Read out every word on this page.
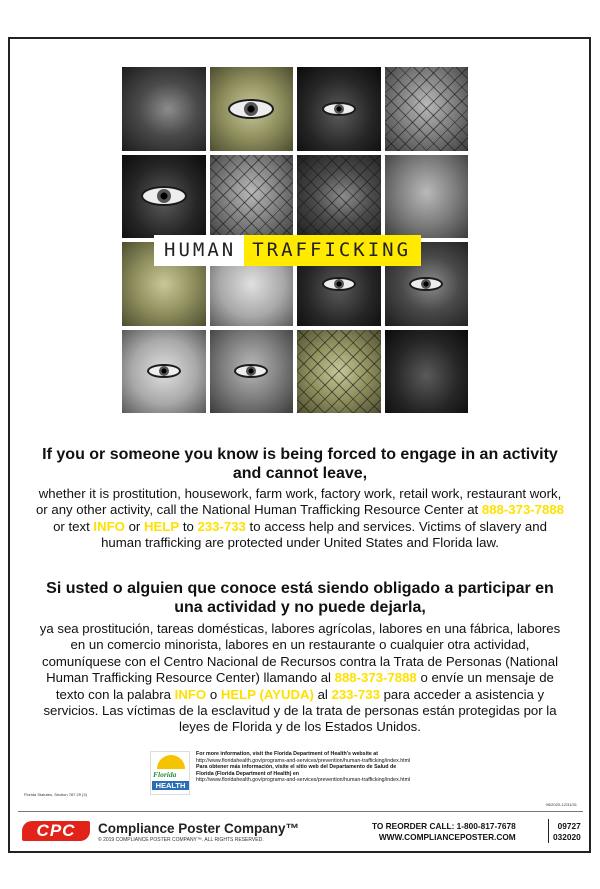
HUMAN TRAFFICKING
If you or someone you know is being forced to engage in an activity and cannot leave,
whether it is prostitution, housework, farm work, factory work, retail work, restaurant work, or any other activity, call the National Human Trafficking Resource Center at 888-373-7888 or text INFO or HELP to 233-733 to access help and services. Victims of slavery and human trafficking are protected under United States and Florida law.
Si usted o alguien que conoce está siendo obligado a participar en una actividad y no puede dejarla,
ya sea prostitución, tareas domésticas, labores agrícolas, labores en una fábrica, labores en un comercio minorista, labores en un restaurante o cualquier otra actividad, comuníquese con el Centro Nacional de Recursos contra la Trata de Personas (National Human Trafficking Resource Center) llamando al 888-373-7888 o envíe un mensaje de texto con la palabra INFO o HELP (AYUDA) al 233-733 para acceder a asistencia y servicios. Las víctimas de la esclavitud y de la trata de personas están protegidas por la leyes de Florida y de los Estados Unidos.
Florida
HEALTH
For more information, visit the Florida Department of Health's website at
http://www.floridahealth.gov/programs-and-services/prevention/human-trafficking/index.html
Para obtener más información, visite el sitio web del Departamento de Salud de
Florida (Florida Department of Health) en
http://www.floridahealth.gov/programs-and-services/prevention/human-trafficking/index.html
Florida Statutes, Section 787.29 (3)
05/2020-12/31/31
CPC	Compliance Poster Company™
© 2019 COMPLIANCE POSTER COMPANY™. ALL RIGHTS RESERVED.
TO REORDER CALL: 1-800-817-7678
WWW.COMPLIANCEPOSTER.COM
09727
032020
